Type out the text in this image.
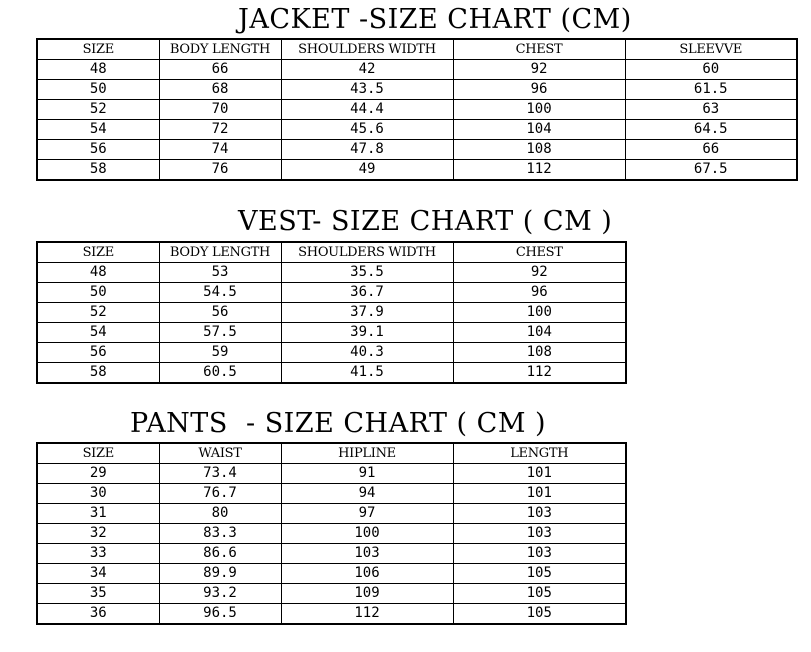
JACKET -SIZE CHART (CM)
SIZE	BODY LENGTH	SHOULDERS WIDTH	CHEST	SLEEVVE
48	66	42	92	60
50	68	43.5	96	61.5
52	70	44.4	100	63
54	72	45.6	104	64.5
56	74	47.8	108	66
58	76	49	112	67.5
VEST- SIZE CHART ( CM )
SIZE	BODY LENGTH	SHOULDERS WIDTH	CHEST
48	53	35.5	92
50	54.5	36.7	96
52	56	37.9	100
54	57.5	39.1	104
56	59	40.3	108
58	60.5	41.5	112
PANTS  - SIZE CHART ( CM )
SIZE	WAIST	HIPLINE	LENGTH
29	73.4	91	101
30	76.7	94	101
31	80	97	103
32	83.3	100	103
33	86.6	103	103
34	89.9	106	105
35	93.2	109	105
36	96.5	112	105
